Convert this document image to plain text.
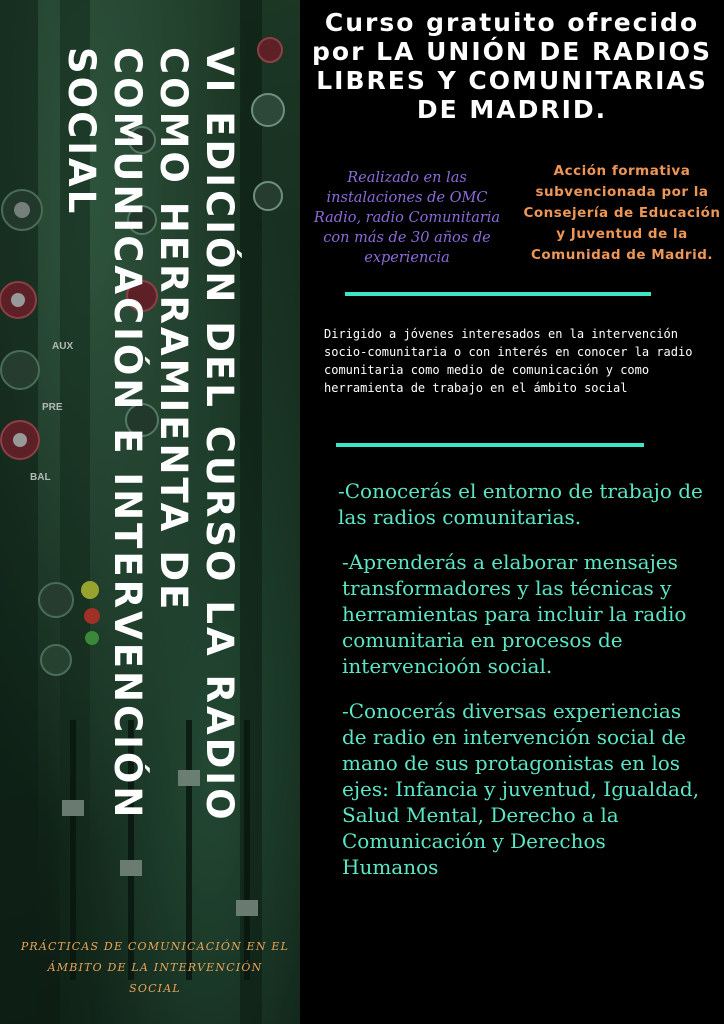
AUX
PRE
BAL	VI EDICIÓN DEL CURSO LA RADIO COMO HERRAMIENTA DE COMUNICACIÓN E INTERVENCIÓN SOCIAL
PRÁCTICAS DE COMUNICACIÓN EN EL ÁMBITO DE LA INTERVENCIÓN SOCIAL
Curso gratuito ofrecido por LA UNIÓN DE RADIOS LIBRES Y COMUNITARIAS DE MADRID.
Realizado en las instalaciones de OMC Radio, radio Comunitaria con más de 30 años de experiencia
Acción formativa subvencionada por la Consejería de Educación y Juventud de la Comunidad de Madrid.
Dirigido a jóvenes interesados en la intervención socio-comunitaria o con interés en conocer la radio comunitaria como medio de comunicación y como herramienta de trabajo en el ámbito social

-Conocerás el entorno de trabajo de las radios comunitarias.

-Aprenderás a elaborar mensajes transformadores y las técnicas y herramientas para incluir la radio comunitaria en procesos de intervencioón social.

-Conocerás diversas experiencias de radio en intervención social de mano de sus protagonistas en los ejes: Infancia y juventud, Igualdad, Salud Mental, Derecho a la Comunicación y Derechos Humanos
